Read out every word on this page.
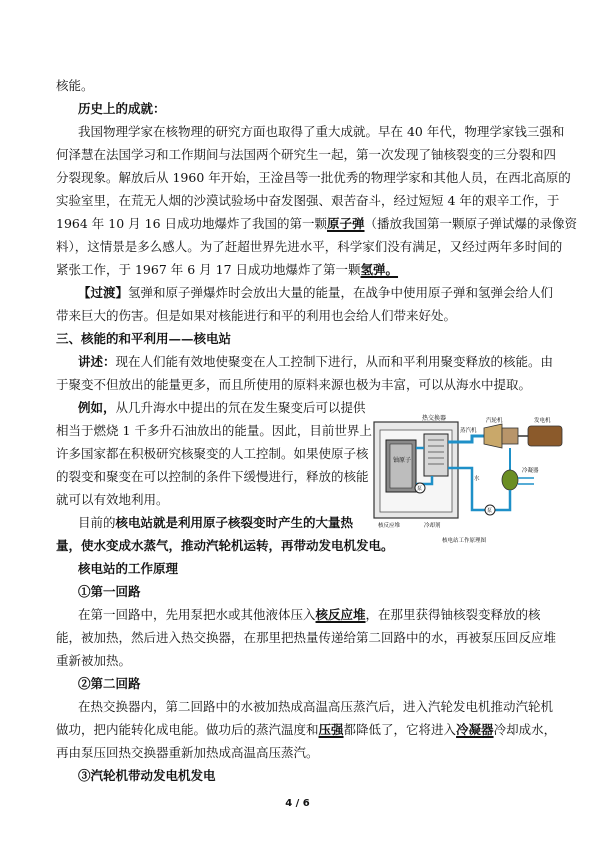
核能。
历史上的成就：
我国物理学家在核物理的研究方面也取得了重大成就。早在 40 年代，物理学家钱三强和
何泽慧在法国学习和工作期间与法国两个研究生一起，第一次发现了铀核裂变的三分裂和四
分裂现象。解放后从 1960 年开始，王淦昌等一批优秀的物理学家和其他人员，在西北高原的
实验室里，在荒无人烟的沙漠试验场中奋发图强、艰苦奋斗，经过短短 4 年的艰辛工作，于
1964 年 10 月 16 日成功地爆炸了我国的第一颗原子弹（播放我国第一颗原子弹试爆的录像资
料），这情景是多么感人。为了赶超世界先进水平，科学家们没有满足，又经过两年多时间的
紧张工作，于 1967 年 6 月 17 日成功地爆炸了第一颗氢弹。
【过渡】氢弹和原子弹爆炸时会放出大量的能量，在战争中使用原子弹和氢弹会给人们
带来巨大的伤害。但是如果对核能进行和平的利用也会给人们带来好处。
三、核能的和平利用——核电站
讲述：现在人们能有效地使聚变在人工控制下进行，从而和平利用聚变释放的核能。由
于聚变不但放出的能量更多，而且所使用的原料来源也极为丰富，可以从海水中提取。
例如，从几升海水中提出的氘在发生聚变后可以提供
相当于燃烧 1 千多升石油放出的能量。因此，目前世界上
许多国家都在积极研究核聚变的人工控制。如果使原子核
的裂变和聚变在可以控制的条件下缓慢进行，释放的核能
就可以有效地利用。
目前的核电站就是利用原子核裂变时产生的大量热
量，使水变成水蒸气，推动汽轮机运转，再带动发电机发电。
核电站的工作原理
①第一回路
在第一回路中，先用泵把水或其他液体压入核反应堆，在那里获得铀核裂变释放的核
能，被加热，然后进入热交换器，在那里把热量传递给第二回路中的水，再被泵压回反应堆
重新被加热。
②第二回路
在热交换器内，第二回路中的水被加热成高温高压蒸汽后，进入汽轮发电机推动汽轮机
做功，把内能转化成电能。做功后的蒸汽温度和压强都降低了，它将进入冷凝器冷却成水，
再由泵压回热交换器重新加热成高温高压蒸汽。
③汽轮机带动发电机发电
铀原子
泵
泵
热交换器
蒸汽机
汽轮机	发电机
冷凝器
水
核反应堆	冷却剂
核电站工作原理图
4 / 6
